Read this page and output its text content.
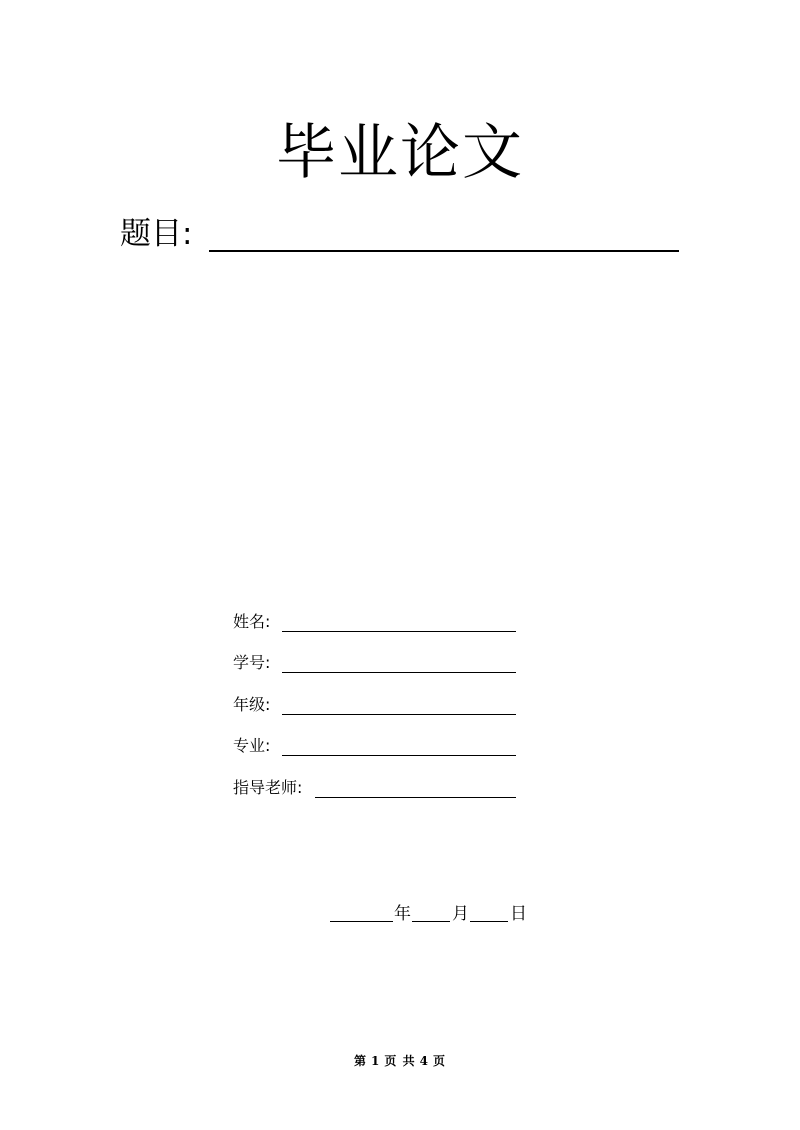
毕业论文
题目:
姓名:
学号:
年级:
专业:
指导老师:
年 月 日
第 1 页 共 4 页
